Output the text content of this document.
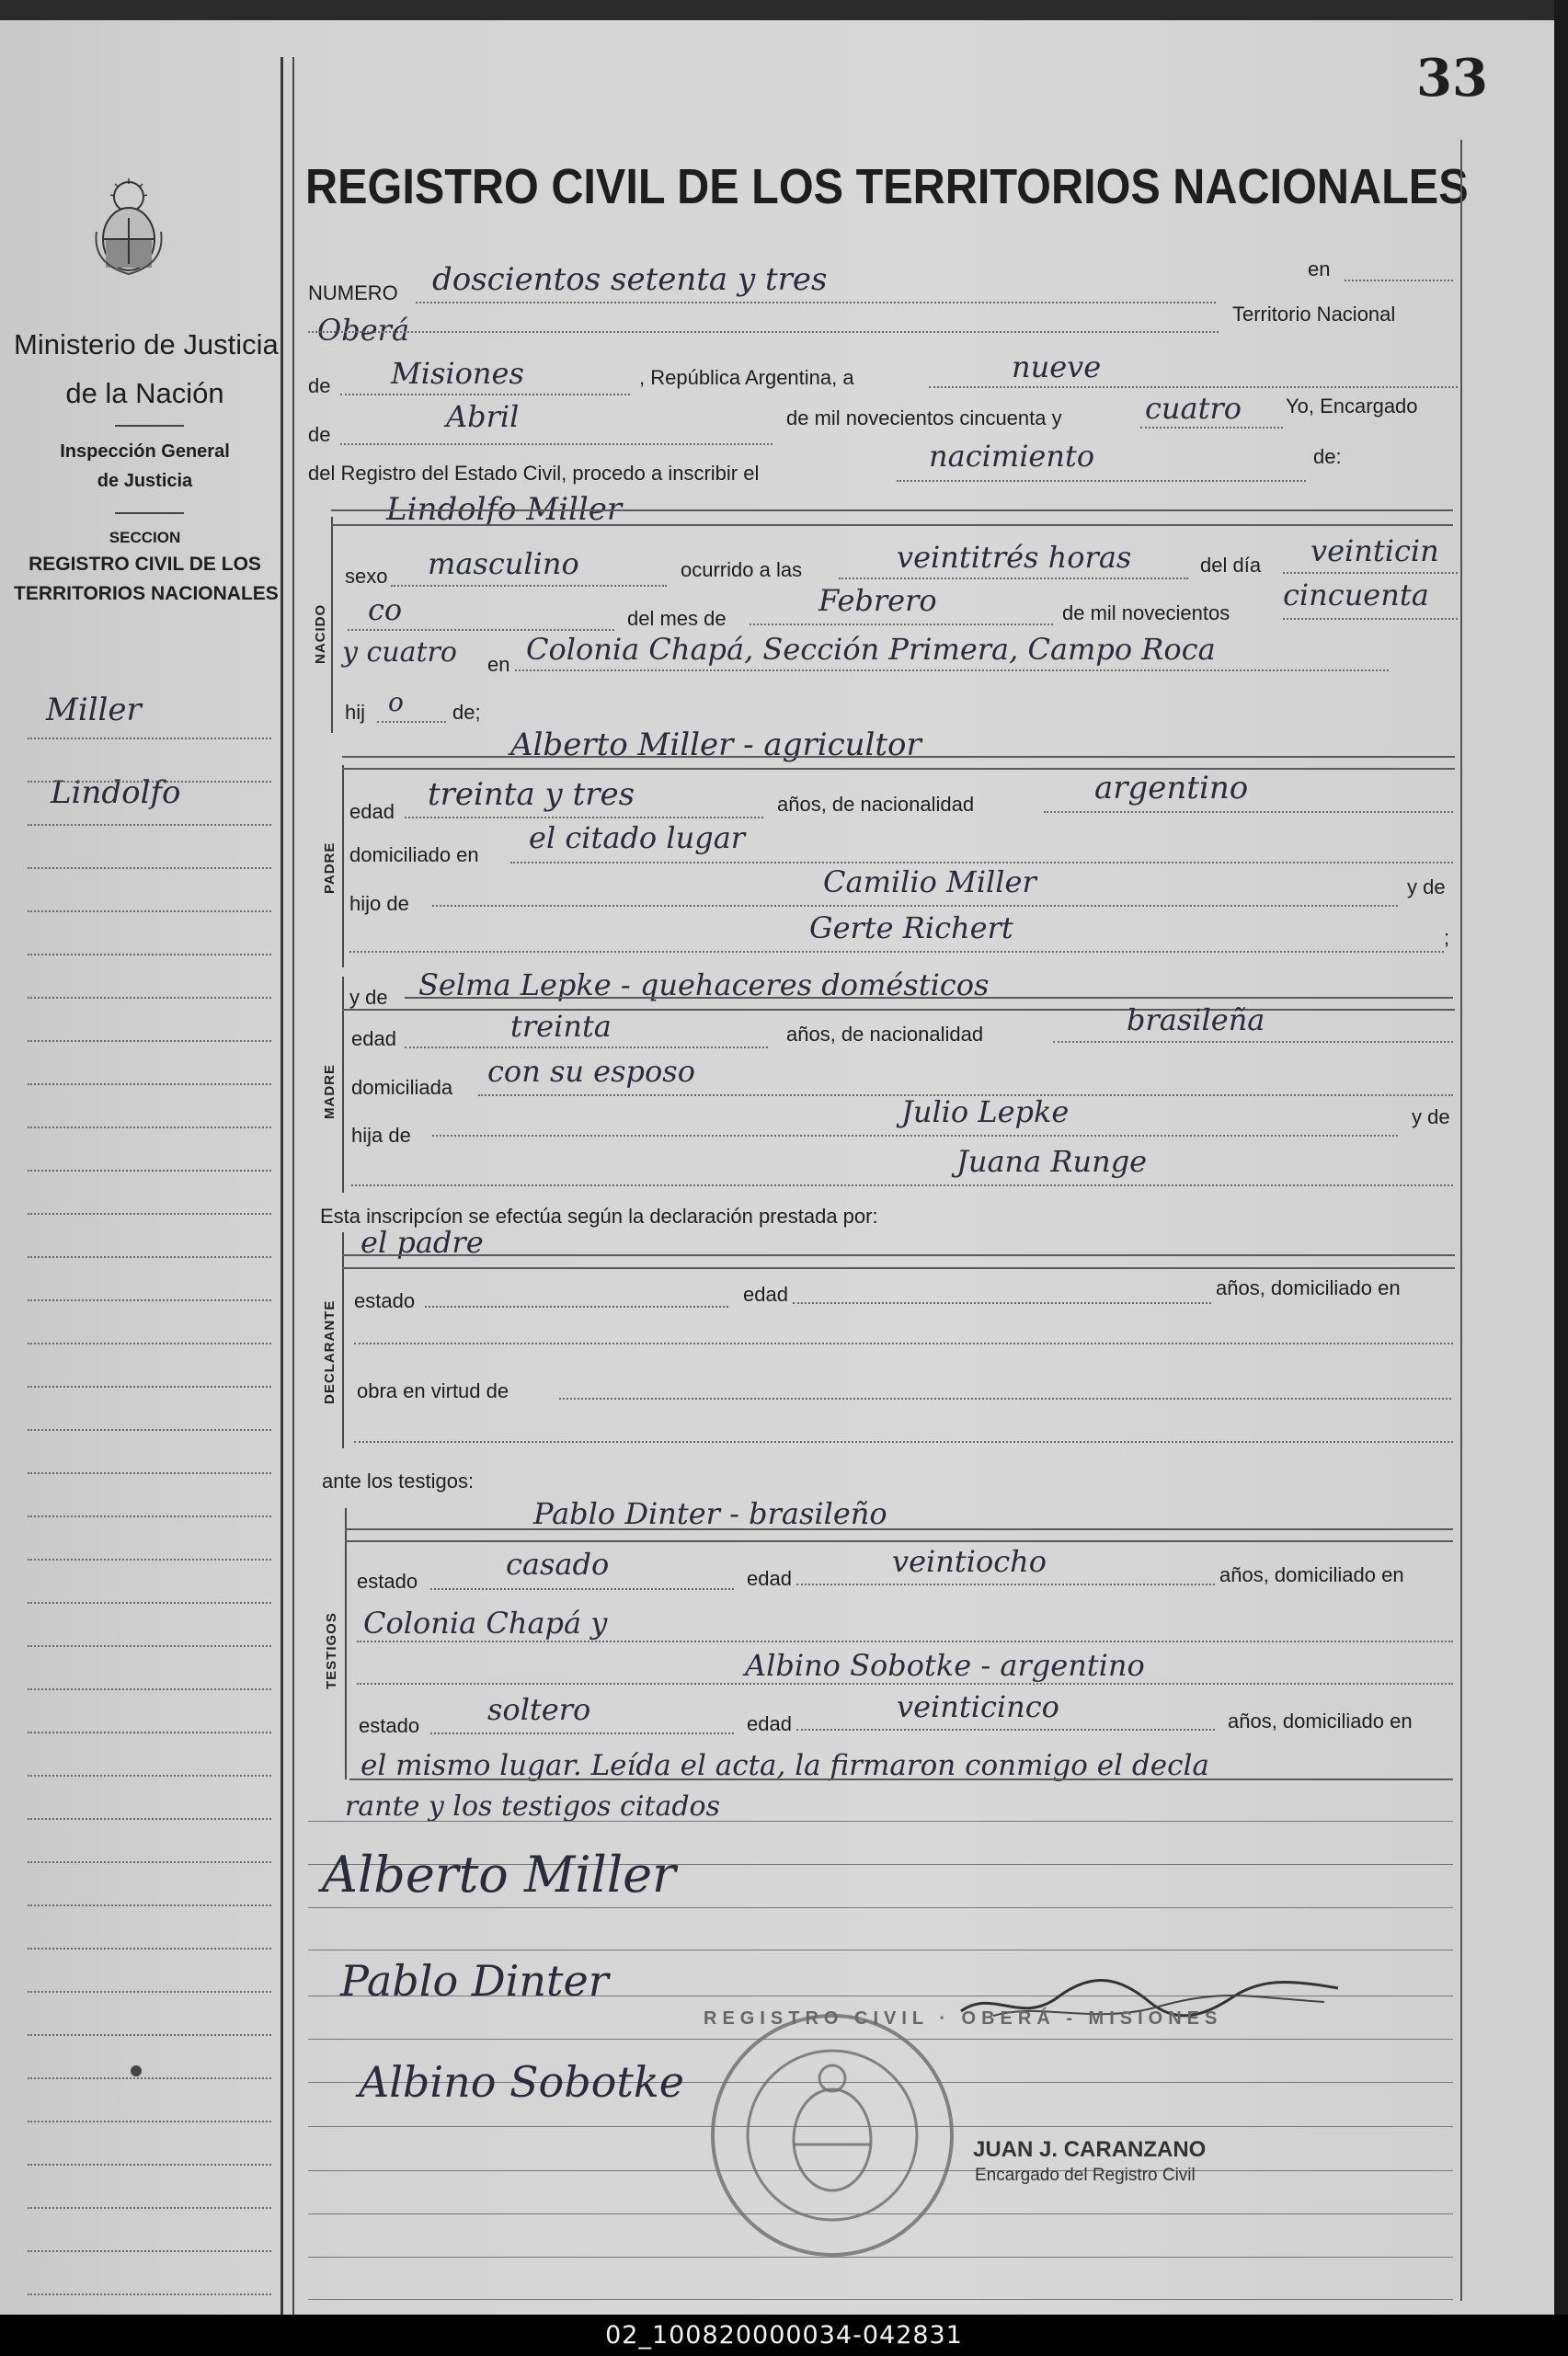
33
Ministerio de Justicia
de la Nación
Inspección General
de Justicia
SECCION
REGISTRO CIVIL DE LOS
TERRITORIOS NACIONALES
Miller
Lindolfo
REGISTRO CIVIL DE LOS TERRITORIOS NACIONALES
en
NUMERO doscientos setenta y tres
Oberá	Territorio Nacional
de Misiones	, República Argentina, a	nueve
de
Abril	de mil novecientos cincuenta y	cuatro Yo, Encargado
del Registro del Estado Civil, procedo a inscribir el	nacimiento	de:
NACIDO
Lindolfo Miller
sexo masculino	ocurrido a las	veintitrés horas	del día veinticin
co	del mes de
Febrero	de mil novecientos
cincuenta
y cuatro en Colonia Chapá, Sección Primera, Campo Roca
hij o de;
PADRE
Alberto Miller - agricultor
edad treinta y tres	años, de nacionalidad	argentino
domiciliado en el citado lugar
hijo de
Camilio Miller	y de
Gerte Richert	;
MADRE
y de Selma Lepke - quehaceres domésticos
edad	treinta	años, de nacionalidad	brasileña
domiciliada con su esposo
hija de
Julio Lepke	y de
Juana Runge
Esta inscripcíon se efectúa según la declaración prestada por:
DECLARANTE
el padre
estado	edad	años, domiciliado en
obra en virtud de
ante los testigos:
TESTIGOS
Pablo Dinter - brasileño
estado	casado	edad	veintiocho	años, domiciliado en
Colonia Chapá y
Albino Sobotke - argentino
estado soltero	edad	veinticinco	años, domiciliado en
el mismo lugar. Leída el acta, la firmaron conmigo el decla
rante y los testigos citados
Alberto Miller
Pablo Dinter
Albino Sobotke
REGISTRO CIVIL · OBERÁ - MISIONES
JUAN J. CARANZANO
Encargado del Registro Civil
02_100820000034-042831
